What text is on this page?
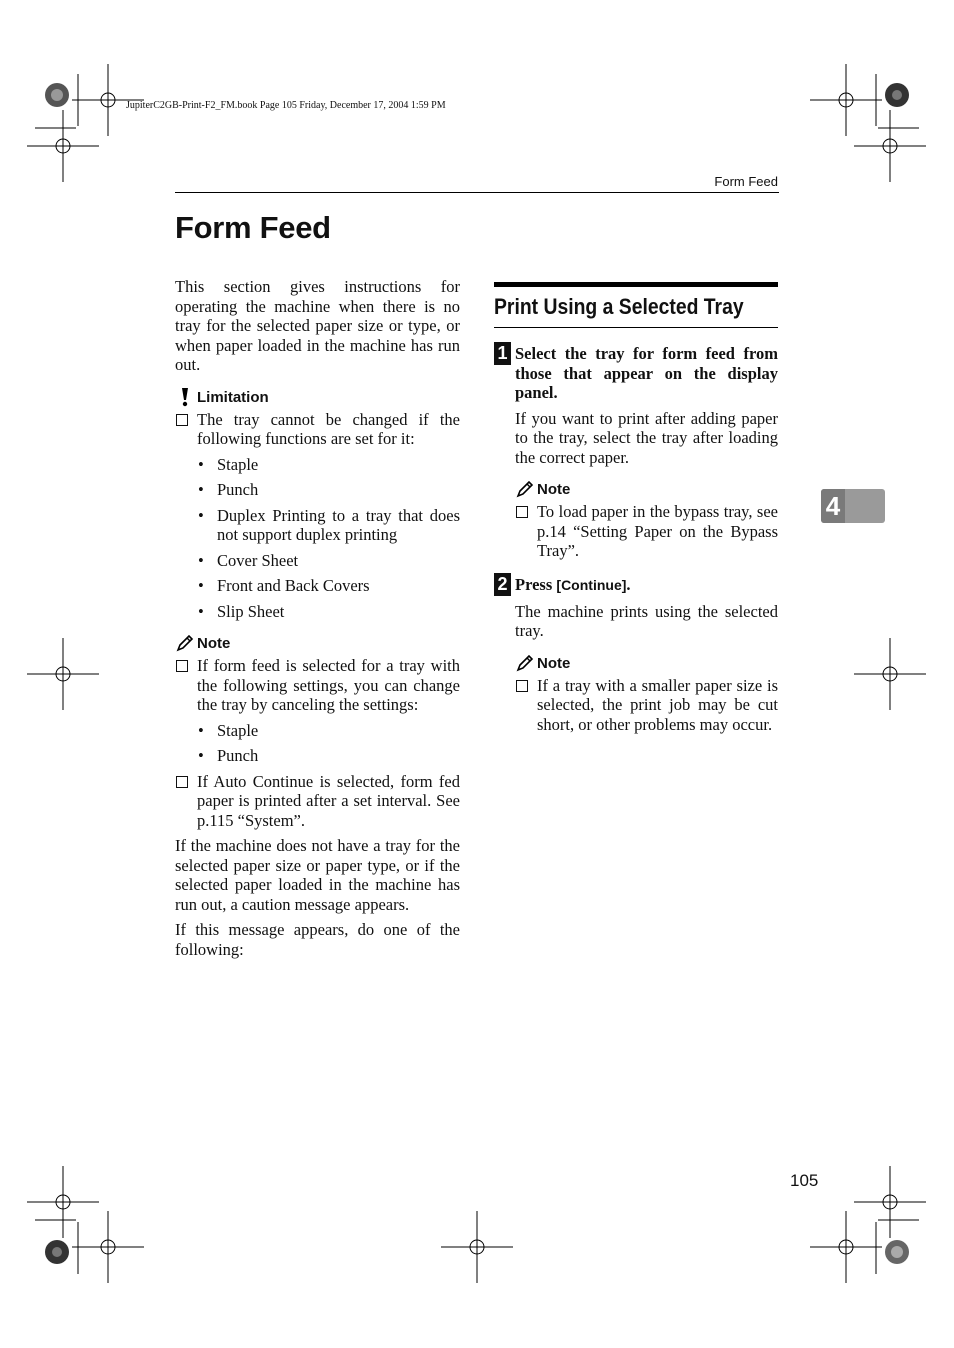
JupiterC2GB-Print-F2_FM.book Page 105 Friday, December 17, 2004 1:59 PM
Form Feed
Form Feed

This section gives instructions for operating the machine when there is no tray for the selected paper size or type, or when paper loaded in the machine has run out.

Limitation

The tray cannot be changed if the following functions are set for it:

• Staple

• Punch

• Duplex Printing to a tray that does not support duplex printing

• Cover Sheet

• Front and Back Covers

• Slip Sheet

Note

If form feed is selected for a tray with the following settings, you can change the tray by canceling the settings:

• Staple

• Punch

If Auto Continue is selected, form fed paper is printed after a set interval. See p.115 “System”.

If the machine does not have a tray for the selected paper size or paper type, or if the selected paper loaded in the machine has run out, a caution message appears.

If this message appears, do one of the following:

Print Using a Selected Tray
1 Select the tray for form feed from those that appear on the display panel.

If you want to print after adding paper to the tray, select the tray after loading the correct paper.

Note

To load paper in the bypass tray, see p.14 “Setting Paper on the Bypass Tray”.

2 Press [Continue].

The machine prints using the selected tray.

Note

If a tray with a smaller paper size is selected, the print job may be cut short, or other problems may occur.

4
105
